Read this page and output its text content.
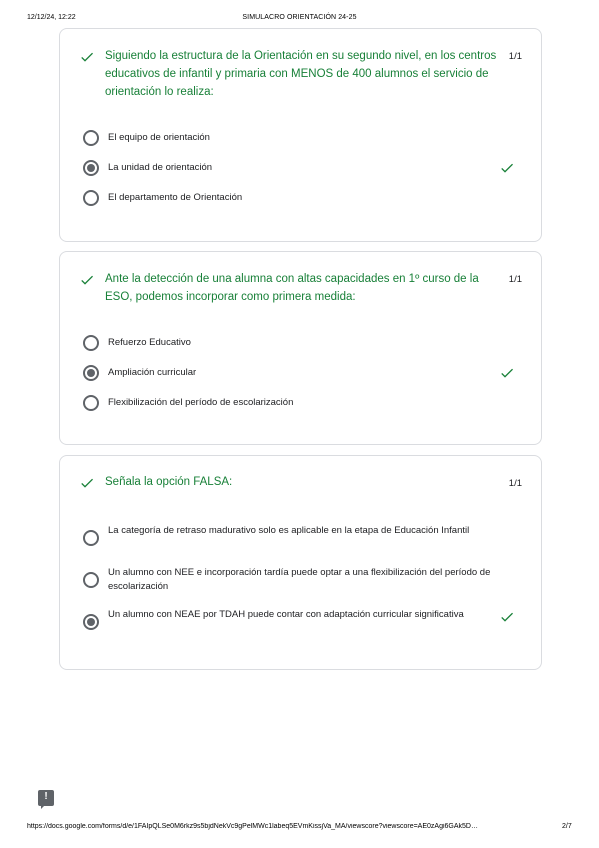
12/12/24, 12:22	SIMULACRO ORIENTACIÓN 24-25
Siguiendo la estructura de la Orientación en su segundo nivel, en los centros educativos de infantil y primaria con MENOS de 400 alumnos el servicio de orientación lo realiza:
1/1
El equipo de orientación
La unidad de orientación
El departamento de Orientación
Ante la detección de una alumna con altas capacidades en 1º curso de la ESO, podemos incorporar como primera medida:
1/1
Refuerzo Educativo
Ampliación curricular
Flexibilización del período de escolarización
Señala la opción FALSA:	1/1
La categoría de retraso madurativo solo es aplicable en la etapa de Educación Infantil
Un alumno con NEE e incorporación tardía puede optar a una flexibilización del período de escolarización
Un alumno con NEAE por TDAH puede contar con adaptación curricular significativa
!
https://docs.google.com/forms/d/e/1FAIpQLSe0M6rkz9s5bjdNekVc9gPelMWc1labeq5EVmKissjVa_MA/viewscore?viewscore=AE0zAgi6GAk5D…	2/7
